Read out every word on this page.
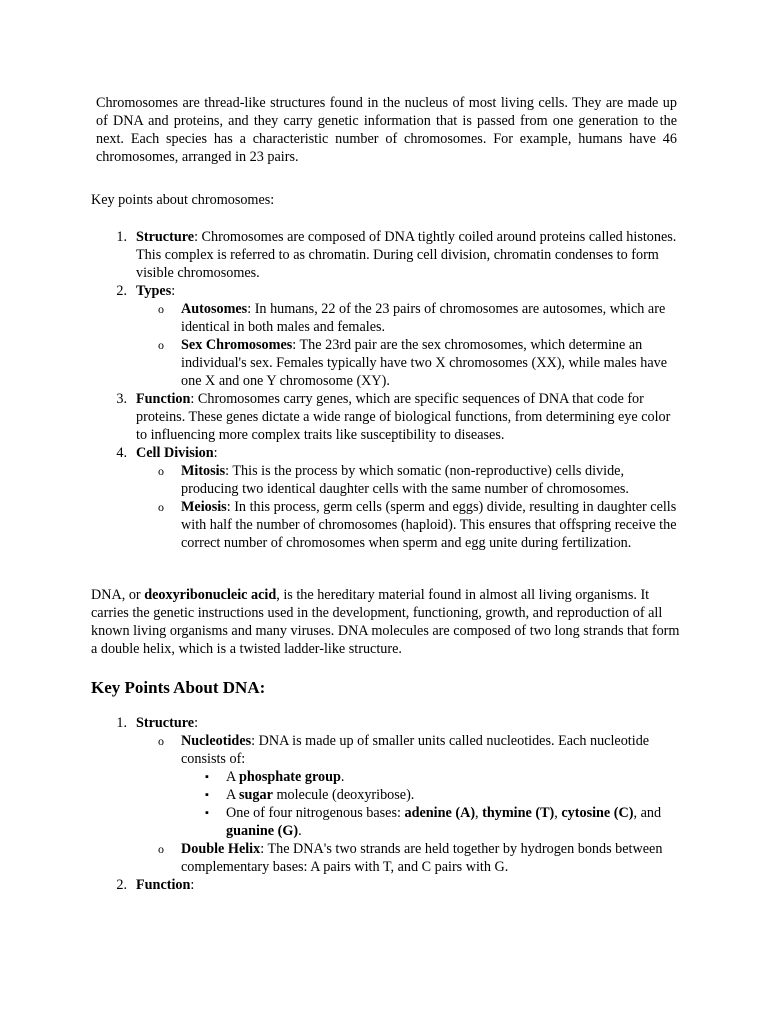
Chromosomes are thread-like structures found in the nucleus of most living cells. They are made up of DNA and proteins, and they carry genetic information that is passed from one generation to the next. Each species has a characteristic number of chromosomes. For example, humans have 46 chromosomes, arranged in 23 pairs.

Key points about chromosomes:

1. Structure: Chromosomes are composed of DNA tightly coiled around proteins called histones. This complex is referred to as chromatin. During cell division, chromatin condenses to form visible chromosomes.
2. Types:
o Autosomes: In humans, 22 of the 23 pairs of chromosomes are autosomes, which are identical in both males and females.
o Sex Chromosomes: The 23rd pair are the sex chromosomes, which determine an individual's sex. Females typically have two X chromosomes (XX), while males have one X and one Y chromosome (XY).
3. Function: Chromosomes carry genes, which are specific sequences of DNA that code for proteins. These genes dictate a wide range of biological functions, from determining eye color to influencing more complex traits like susceptibility to diseases.
4. Cell Division:
o Mitosis: This is the process by which somatic (non-reproductive) cells divide, producing two identical daughter cells with the same number of chromosomes.
o Meiosis: In this process, germ cells (sperm and eggs) divide, resulting in daughter cells with half the number of chromosomes (haploid). This ensures that offspring receive the correct number of chromosomes when sperm and egg unite during fertilization.

DNA, or deoxyribonucleic acid, is the hereditary material found in almost all living organisms. It carries the genetic instructions used in the development, functioning, growth, and reproduction of all known living organisms and many viruses. DNA molecules are composed of two long strands that form a double helix, which is a twisted ladder-like structure.

Key Points About DNA:
1. Structure:
o Nucleotides: DNA is made up of smaller units called nucleotides. Each nucleotide consists of:
▪ A phosphate group.
▪ A sugar molecule (deoxyribose).
▪ One of four nitrogenous bases: adenine (A), thymine (T), cytosine (C), and guanine (G).
o Double Helix: The DNA's two strands are held together by hydrogen bonds between complementary bases: A pairs with T, and C pairs with G.
2. Function:
